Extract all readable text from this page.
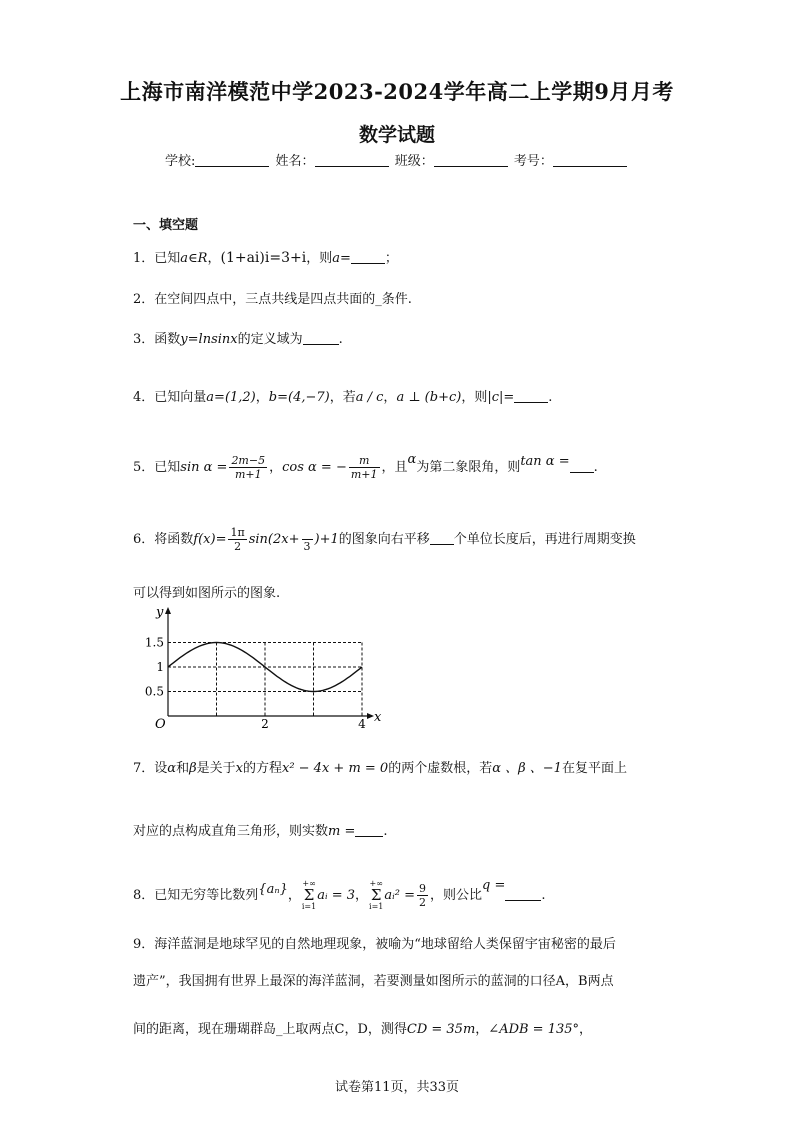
上海市南洋模范中学2023-2024学年高二上学期9月月考
数学试题
学校:	姓名：	班级：	考号：
一、填空题
1．已知a∈R，(1+ai)i=3+i，则a=	；
2．在空间四点中，三点共线是四点共面的_条件.
3．函数y=lnsinx的定义域为	.
4．已知向量a=(1,2)，b=(4,−7)，若a / c，a ⊥ (b+c)，则|c|=	.
5．已知$\sin \alpha = \frac{2m-5}{m+1}$ ，cos α = − $\frac{m}{m+1}$ ，且α为第二象限角，则tan α = .
6．将函数$f(x)= \frac{1\pi}{2} \sin(2x+$
3 )+1的图象向右平移 个单位长度后，再进行周期变换
可以得到如图所示的图象.
y
x
O
1.5
1
0.5
2	4
7．设α和β是关于x的方程x² − 4x + m = 0的两个虚数根，若α 、β 、−1在复平面上
对应的点构成直角三角形，则实数m = .
8．已知无穷等比数列{aₙ}，+∞
Σ
i=1aᵢ = 3，+∞
Σ
i=1aᵢ² = $\frac{9}{2}$ ，则公比q =.
9．海洋蓝洞是地球罕见的自然地理现象，被喻为“地球留给人类保留宇宙秘密的最后
遗产”，我国拥有世界上最深的海洋蓝洞，若要测量如图所示的蓝洞的口径A，B两点
间的距离，现在珊瑚群岛_上取两点C，D，测得CD = 35m，∠ADB = 135°，
试卷第11页，共33页
